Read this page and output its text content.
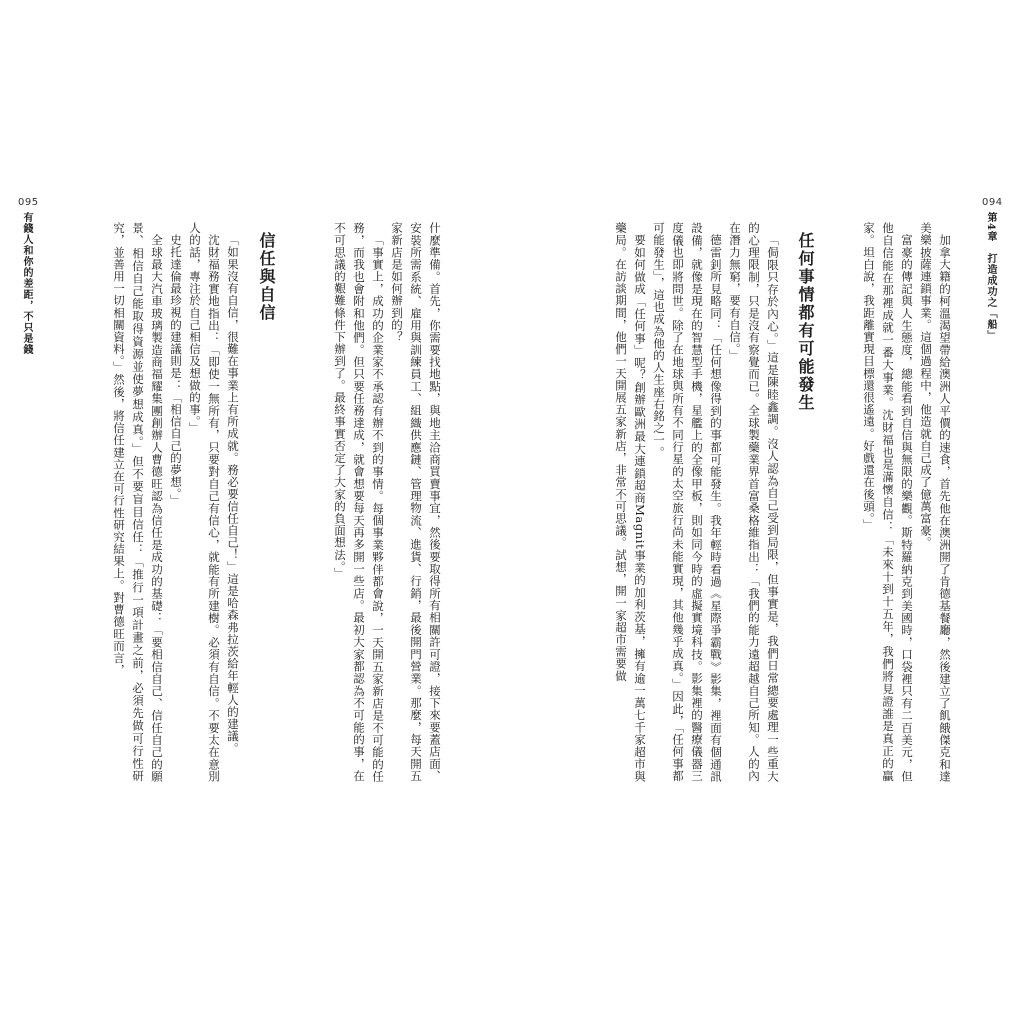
094
第4章　打造成功之「船」

加拿大籍的柯溫渴望帶給澳洲人平價的速食，首先他在澳洲開了肯德基餐廳，然後建立了飢餓傑克和達美樂披薩連鎖事業。這個過程中，他造就自己成了億萬富豪。

富豪的傳記與人生態度，總能看到自信與無限的樂觀。斯特羅納克到美國時，口袋裡只有二百美元，但他自信能在那裡成就一番大事業。沈財福也是滿懷自信：「未來十到十五年，我們將見證誰是真正的贏家。坦白說，我距離實現目標還很遙遠。好戲還在後頭。」

任何事情都有可能發生

「侷限只存於內心。」這是陳睦鑫調。沒人認為自己受到局限，但事實是，我們日常總要處理一些重大的心理限制，只是沒有察覺而已。全球製藥業界首富桑格維指出：「我們的能力遠超越自己所知。人的內在潛力無窮，要有自信。」

德雷釗所見略同：「任何想像得到的事都可能發生。我年輕時看過《星際爭霸戰》影集，裡面有個通訊設備，就像是現在的智慧型手機，星艦上的全像甲板，則如同今時的虛擬實境科技。影集裡的醫療儀器三度儀也即將問世。除了在地球與所有不同行星的太空旅行尚未能實現，其他幾乎成真。」因此，「任何事都可能發生」，這也成為他的人生座右銘之一。

要如何做成「任何事」呢？創辦歐洲最大連鎖超商Magnit事業的加利茨基，擁有逾一萬七千家超市與藥局。在訪談期間，他們一天開展五家新店，非常不可思議。試想，開一家超市需要做

095
有錢人和你的差距，不只是錢	什麼準備。首先，你需要找地點，與地主洽商買賣事宜，然後要取得所有相關許可證，接下來要蓋店面、安裝所需系統、雇用與訓練員工、組織供應鏈、管理物流、進貨、行銷，最後開門營業。那麼，每天開五家新店是如何辦到的？

「事實上，成功的企業家不承認有辦不到的事情。每個事業夥伴都會說，一天開五家新店是不可能的任務，而我也會附和他們。但只要任務達成，就會想要每天再多開一些店。最初大家都認為不可能的事，在不可思議的艱難條件下辦到了。最終事實否定了大家的負面想法。」

信任與自信

「如果沒有自信，很難在事業上有所成就。務必要信任自己！」這是哈森弗拉茨給年輕人的建議。

沈財福務實地指出：「即使一無所有，只要對自己有信心，就能有所建樹。必須有自信。不要太在意別人的話，專注於自己相信及想做的事。」

史托達倫最珍視的建議則是：「相信自己的夢想。」

全球最大汽車玻璃製造商福耀集團創辦人曹德旺認為信任是成功的基礎：「要相信自己、信任自己的願景、相信自己能取得資源並使夢想成真。」但不要盲目信任：「推行一項計畫之前，必須先做可行性研究，並善用一切相關資料。」然後，將信任建立在可行性研究結果上。對曹德旺而言，
